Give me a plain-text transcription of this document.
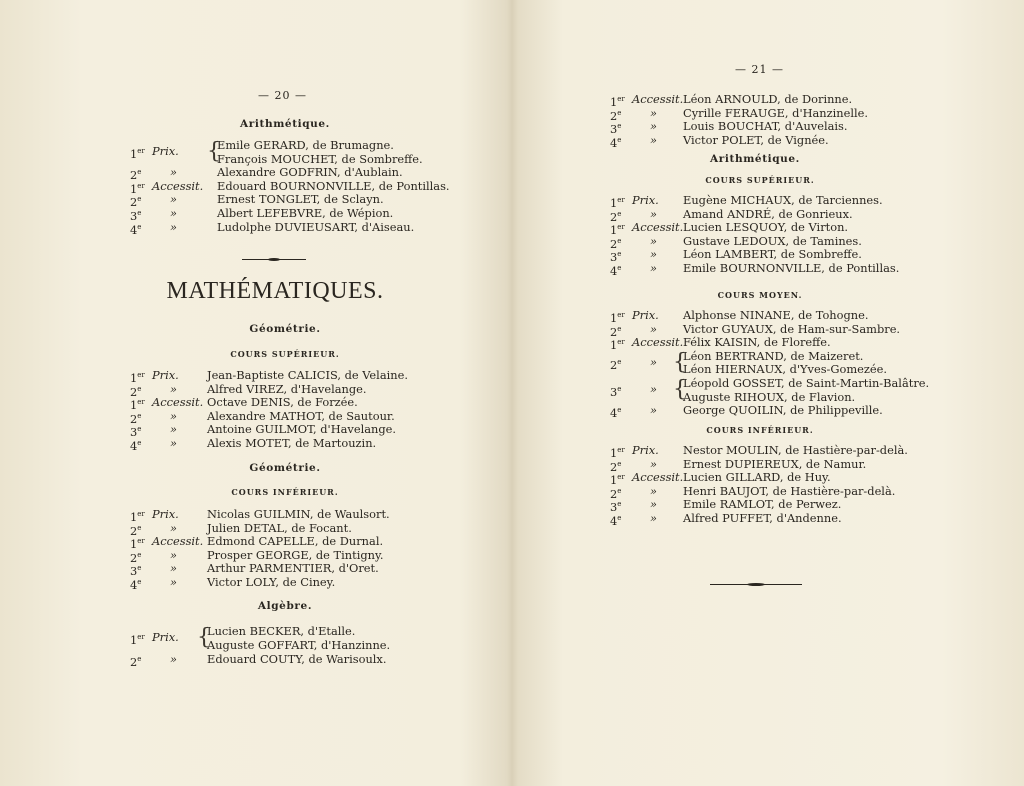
— 20 —
Arithmétique.
1er Prix.	Emile GERARD, de Brumagne.
{
François MOUCHET, de Sombreffe.
2e	»	Alexandre GODFRIN, d'Aublain.
1er Accessit. Edouard BOURNONVILLE, de Pontillas.
2e	»	Ernest TONGLET, de Sclayn.
3e	»	Albert LEFEBVRE, de Wépion.
4e	»	Ludolphe DUVIEUSART, d'Aiseau.
MATHÉMATIQUES.
Géométrie.
COURS SUPÉRIEUR.
1er Prix. Jean-Baptiste CALICIS, de Velaine.
2e	»	Alfred VIREZ, d'Havelange.
1er Accessit. Octave DENIS, de Forzée.
2e	»	Alexandre MATHOT, de Sautour.
3e	»	Antoine GUILMOT, d'Havelange.
4e	»	Alexis MOTET, de Martouzin.
Géométrie.
COURS INFÉRIEUR.
1er Prix. Nicolas GUILMIN, de Waulsort.
2e	»	Julien DETAL, de Focant.
1er Accessit. Edmond CAPELLE, de Durnal.
2e	»	Prosper GEORGE, de Tintigny.
3e	»	Arthur PARMENTIER, d'Oret.
4e	»	Victor LOLY, de Ciney.
Algèbre.
1er Prix. Lucien BECKER, d'Etalle.
{
Auguste GOFFART, d'Hanzinne.
2e	»	Edouard COUTY, de Warisoulx.
— 21 —
1er Accessit. Léon ARNOULD, de Dorinne.
2e	» Cyrille FERAUGE, d'Hanzinelle.
3e	» Louis BOUCHAT, d'Auvelais.
4e	» Victor POLET, de Vignée.
Arithmétique.
COURS SUPÉRIEUR.
1er Prix. Eugène MICHAUX, de Tarciennes.
2e	» Amand ANDRÉ, de Gonrieux.
1er Accessit. Lucien LESQUOY, de Virton.
2e	» Gustave LEDOUX, de Tamines.
3e	» Léon LAMBERT, de Sombreffe.
4e	» Emile BOURNONVILLE, de Pontillas.
COURS MOYEN.
1er Prix. Alphonse NINANE, de Tohogne.
2e	» Victor GUYAUX, de Ham-sur-Sambre.
1er Accessit. Félix KAISIN, de Floreffe.
2e	» Léon BERTRAND, de Maizeret.
{
Léon HIERNAUX, d'Yves-Gomezée.
3e	» Léopold GOSSET, de Saint-Martin-Balâtre.
{
Auguste RIHOUX, de Flavion.
4e	» George QUOILIN, de Philippeville.
COURS INFÉRIEUR.
1er Prix. Nestor MOULIN, de Hastière-par-delà.
2e	» Ernest DUPIEREUX, de Namur.
1er Accessit. Lucien GILLARD, de Huy.
2e	» Henri BAUJOT, de Hastière-par-delà.
3e	» Emile RAMLOT, de Perwez.
4e	» Alfred PUFFET, d'Andenne.
